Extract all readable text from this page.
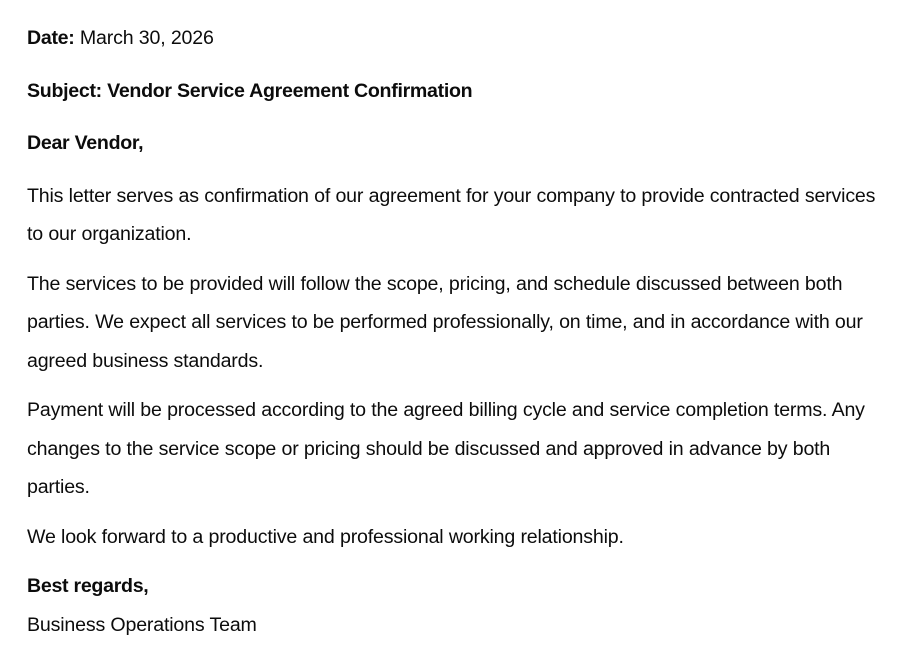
Date: March 30, 2026

Subject: Vendor Service Agreement Confirmation

Dear Vendor,

This letter serves as confirmation of our agreement for your company to provide contracted services to our organization.

The services to be provided will follow the scope, pricing, and schedule discussed between both parties. We expect all services to be performed professionally, on time, and in accordance with our agreed business standards.

Payment will be processed according to the agreed billing cycle and service completion terms. Any changes to the service scope or pricing should be discussed and approved in advance by both parties.

We look forward to a productive and professional working relationship.

Best regards,
Business Operations Team
